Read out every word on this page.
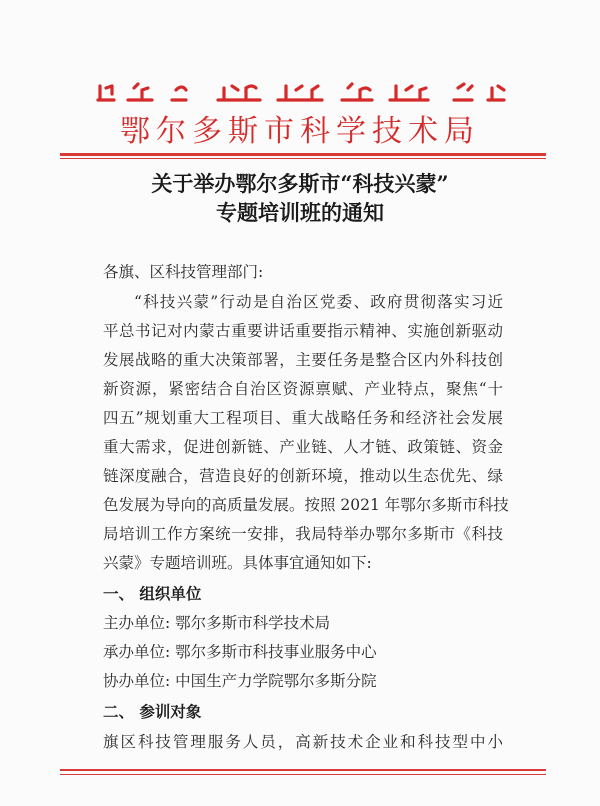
鄂尔多斯市科学技术局
关于举办鄂尔多斯市“科技兴蒙”
专题培训班的通知
各旗、区科技管理部门:
“科技兴蒙”行动是自治区党委、政府贯彻落实习近
平总书记对内蒙古重要讲话重要指示精神、实施创新驱动
发展战略的重大决策部署，主要任务是整合区内外科技创
新资源，紧密结合自治区资源禀赋、产业特点，聚焦“十
四五”规划重大工程项目、重大战略任务和经济社会发展
重大需求，促进创新链、产业链、人才链、政策链、资金
链深度融合，营造良好的创新环境，推动以生态优先、绿
色发展为导向的高质量发展。按照 2021 年鄂尔多斯市科技
局培训工作方案统一安排，我局特举办鄂尔多斯市《科技
兴蒙》专题培训班。具体事宜通知如下:
一、 组织单位
主办单位: 鄂尔多斯市科学技术局
承办单位: 鄂尔多斯市科技事业服务中心
协办单位: 中国生产力学院鄂尔多斯分院
二、 参训对象
旗区科技管理服务人员，高新技术企业和科技型中小
